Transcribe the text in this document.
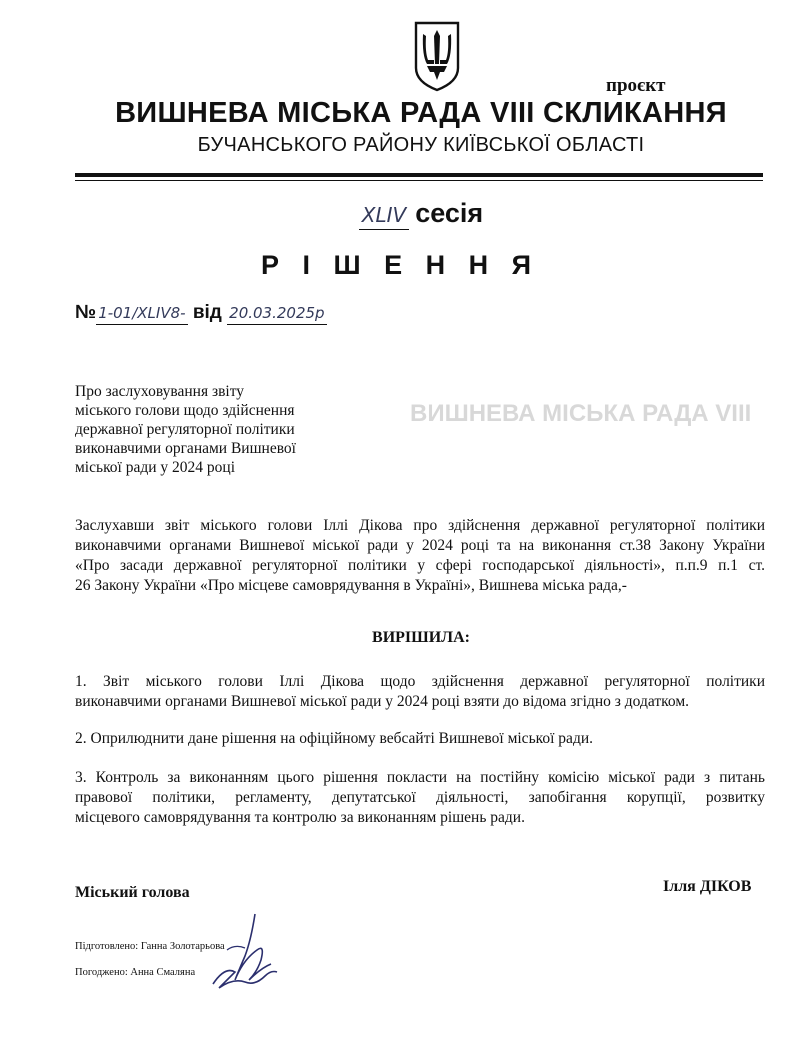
ВИШНЕВА МІСЬКА РАДА VIII
проєкт
ВИШНЕВА МІСЬКА РАДА VIII СКЛИКАННЯ
БУЧАНСЬКОГО РАЙОНУ КИЇВСЬКОЇ ОБЛАСТІ
XLIV сесія
Р І Ш Е Н Н Я
№ 1-01/XLIV8- від 20.03.2025р
Про заслуховування звіту
міського голови щодо здійснення
державної регуляторної політики
виконавчими органами Вишневої
міської ради у 2024 році
Заслухавши звіт міського голови Іллі Дікова про здійснення державної регуляторної політики
виконавчими органами Вишневої міської ради у 2024 році та на виконання ст.38 Закону України
«Про засади державної регуляторної політики у сфері господарської діяльності», п.п.9 п.1 ст.
26 Закону України «Про місцеве самоврядування в Україні», Вишнева міська рада,-
ВИРІШИЛА:
1. Звіт міського голови Іллі Дікова щодо здійснення державної регуляторної політики
виконавчими органами Вишневої міської ради у 2024 році взяти до відома згідно з додатком.
2. Оприлюднити дане рішення на офіційному вебсайті Вишневої міської ради.
3. Контроль за виконанням цього рішення покласти на постійну комісію міської ради з питань
правової політики, регламенту, депутатської діяльності, запобігання корупції, розвитку
місцевого самоврядування та контролю за виконанням рішень ради.
Міський голова	Ілля ДІКОВ
Підготовлено: Ганна Золотарьова
Погоджено: Анна Смаляна
